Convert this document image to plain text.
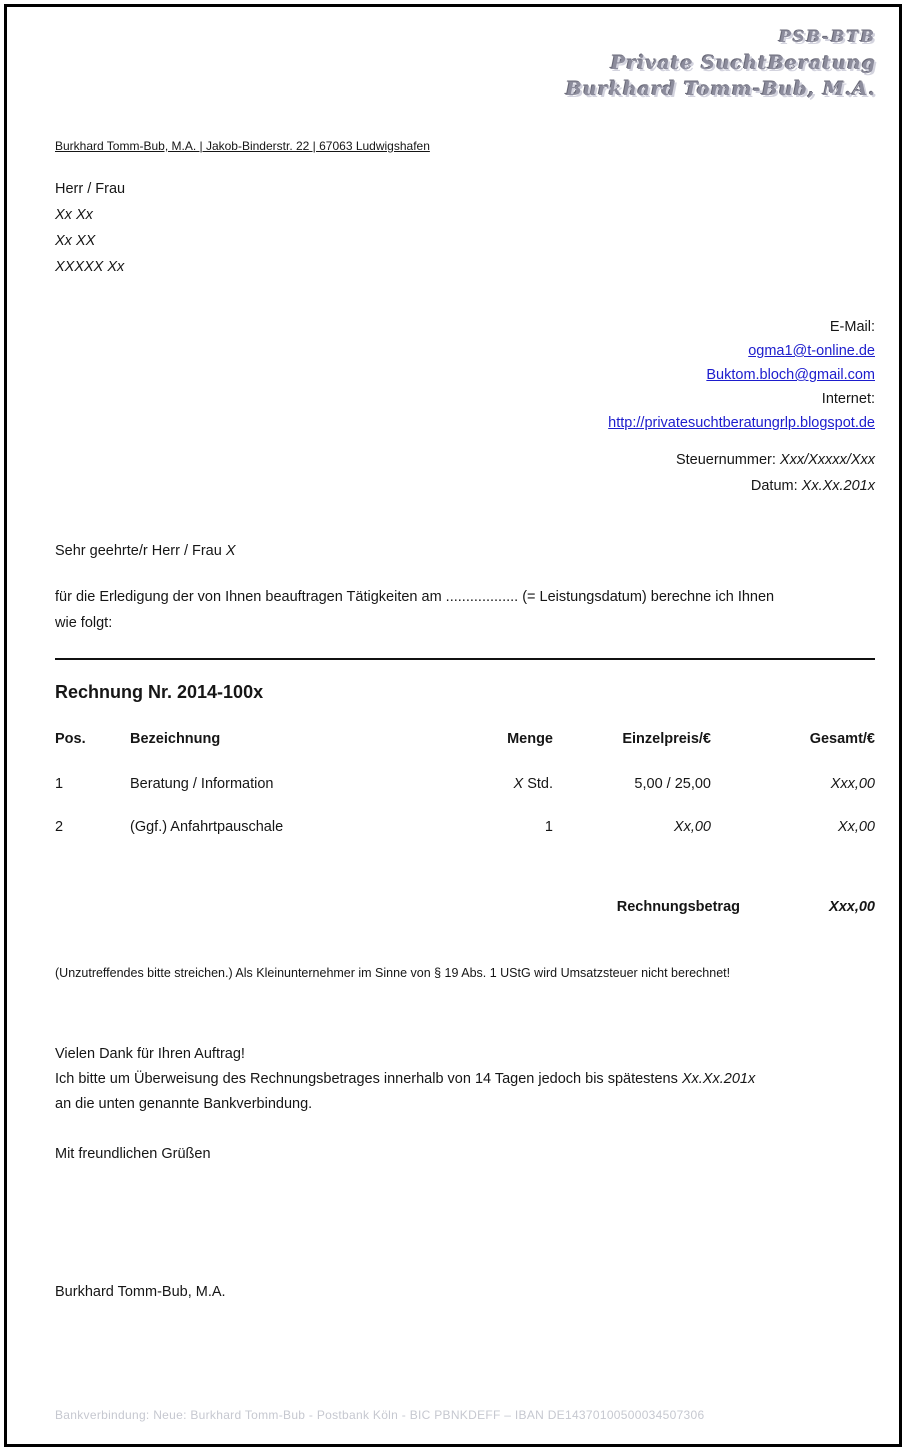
PSB-BTB
Private SuchtBeratung
Burkhard Tomm-Bub, M.A.
Burkhard Tomm-Bub, M.A. | Jakob-Binderstr. 22 | 67063 Ludwigshafen
Herr / Frau
Xx Xx
Xx XX
XXXXX Xx
E-Mail:
ogma1@t-online.de
Buktom.bloch@gmail.com
Internet:
http://privatesuchtberatungrlp.blogspot.de
Steuernummer: Xxx/Xxxxx/Xxx
Datum: Xx.Xx.201x
Sehr geehrte/r Herr / Frau X
für die Erledigung der von Ihnen beauftragen Tätigkeiten am .................. (= Leistungsdatum) berechne ich Ihnen
wie folgt:
Rechnung Nr. 2014-100x
Pos.	Bezeichnung	Menge	Einzelpreis/€	Gesamt/€
1	Beratung / Information	X Std.	5,00 / 25,00	Xxx,00
2	(Ggf.) Anfahrtpauschale	1	Xx,00	Xx,00
Rechnungsbetrag	Xxx,00
(Unzutreffendes bitte streichen.) Als Kleinunternehmer im Sinne von § 19 Abs. 1 UStG wird Umsatzsteuer nicht berechnet!
Vielen Dank für Ihren Auftrag!
Ich bitte um Überweisung des Rechnungsbetrages innerhalb von 14 Tagen jedoch bis spätestens Xx.Xx.201x
an die unten genannte Bankverbindung.
Mit freundlichen Grüßen
Burkhard Tomm-Bub, M.A.
Bankverbindung: Neue: Burkhard Tomm-Bub - Postbank Köln - BIC PBNKDEFF – IBAN DE14370100500034507306
